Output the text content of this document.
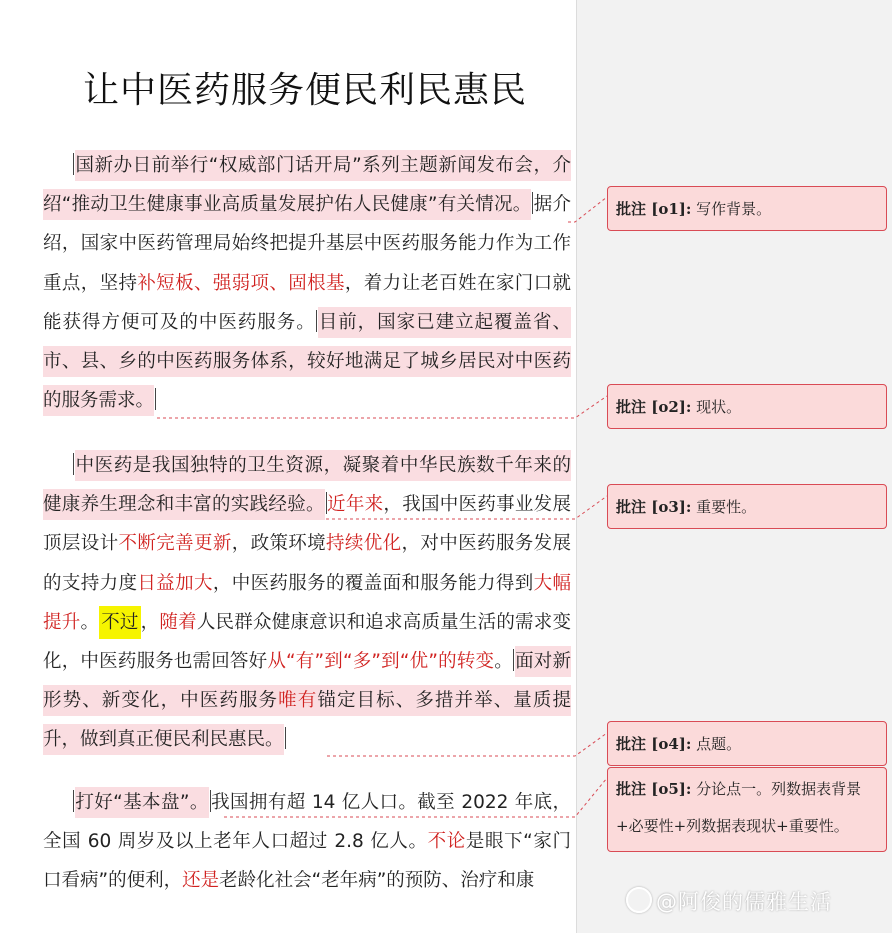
让中医药服务便民利民惠民

国新办日前举行“权威部门话开局”系列主题新闻发布会，介绍“推动卫生健康事业高质量发展护佑人民健康”有关情况。 据介绍，国家中医药管理局始终把提升基层中医药服务能力作为工作重点，坚持补短板、强弱项、固根基，着力让老百姓在家门口就能获得方便可及的中医药服务。 目前，国家已建立起覆盖省、市、县、乡的中医药服务体系，较好地满足了城乡居民对中医药的服务需求。

中医药是我国独特的卫生资源，凝聚着中华民族数千年来的健康养生理念和丰富的实践经验。 近年来，我国中医药事业发展顶层设计不断完善更新，政策环境持续优化，对中医药服务发展的支持力度日益加大，中医药服务的覆盖面和服务能力得到大幅提升。 不过 ，随着人民群众健康意识和追求高质量生活的需求变化，中医药服务也需回答好从“有”到“多”到“优”的转变。 面对新形势、新变化，中医药服务唯有锚定目标、多措并举、量质提升，做到真正便民利民惠民。

打好“基本盘”。 我国拥有超 14 亿人口。截至 2022 年底，全国 60 周岁及以上老年人口超过 2.8 亿人。不论是眼下“家门口看病”的便利，还是老龄化社会“老年病”的预防、治疗和康

批注 [o1]: 写作背景。
批注 [o2]: 现状。
批注 [o3]: 重要性。
批注 [o4]: 点题。
批注 [o5]: 分论点一。列数据表背景+必要性+列数据表现状+重要性。
@阿俊的儒雅生活
